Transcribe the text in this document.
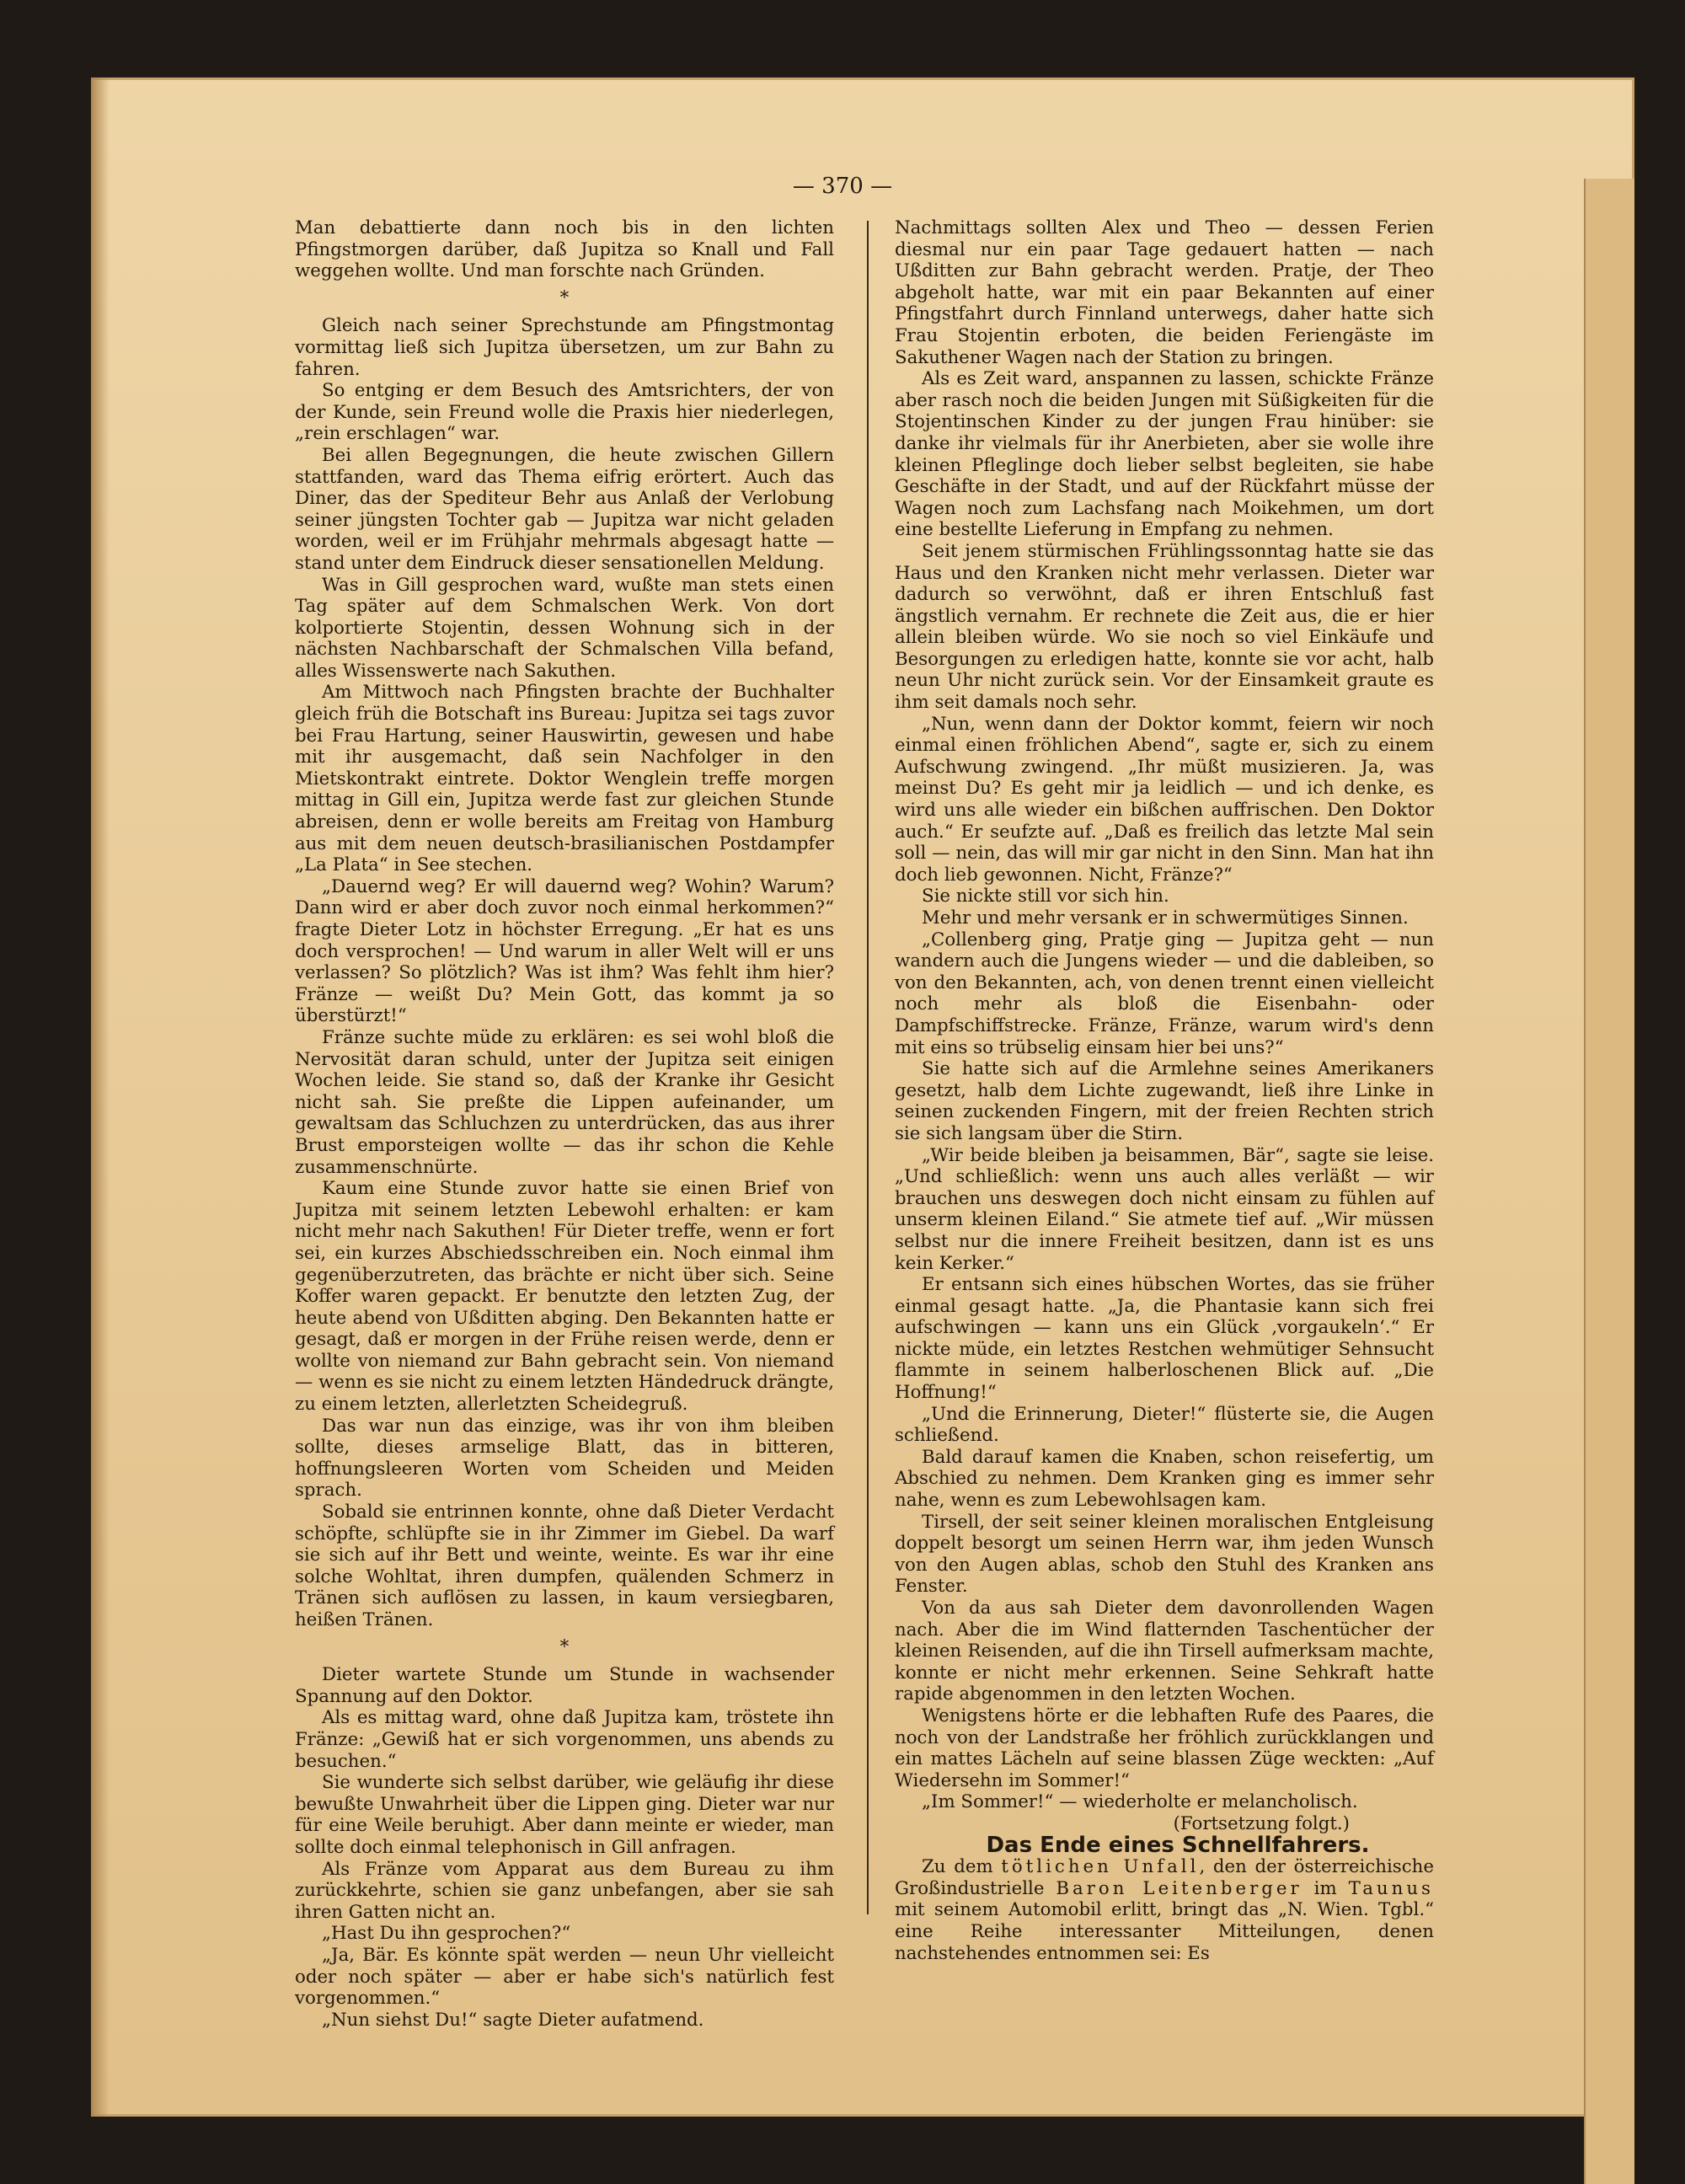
— 370 —

Man debattierte dann noch bis in den lichten Pfingstmorgen darüber, daß Jupitza so Knall und Fall weggehen wollte. Und man forschte nach Gründen.

*

Gleich nach seiner Sprechstunde am Pfingstmontag vormittag ließ sich Jupitza übersetzen, um zur Bahn zu fahren.

So entging er dem Besuch des Amtsrichters, der von der Kunde, sein Freund wolle die Praxis hier niederlegen, „rein erschlagen“ war.

Bei allen Begegnungen, die heute zwischen Gillern stattfanden, ward das Thema eifrig erörtert. Auch das Diner, das der Spediteur Behr aus Anlaß der Verlobung seiner jüngsten Tochter gab — Jupitza war nicht geladen worden, weil er im Frühjahr mehrmals abgesagt hatte — stand unter dem Eindruck dieser sensationellen Meldung.

Was in Gill gesprochen ward, wußte man stets einen Tag später auf dem Schmalschen Werk. Von dort kolportierte Stojentin, dessen Wohnung sich in der nächsten Nachbarschaft der Schmalschen Villa befand, alles Wissenswerte nach Sakuthen.

Am Mittwoch nach Pfingsten brachte der Buchhalter gleich früh die Botschaft ins Bureau: Jupitza sei tags zuvor bei Frau Hartung, seiner Hauswirtin, gewesen und habe mit ihr ausgemacht, daß sein Nachfolger in den Mietskontrakt eintrete. Doktor Wenglein treffe morgen mittag in Gill ein, Jupitza werde fast zur gleichen Stunde abreisen, denn er wolle bereits am Freitag von Hamburg aus mit dem neuen deutsch-brasilianischen Postdampfer „La Plata“ in See stechen.

„Dauernd weg? Er will dauernd weg? Wohin? Warum? Dann wird er aber doch zuvor noch einmal herkommen?“ fragte Dieter Lotz in höchster Erregung. „Er hat es uns doch versprochen! — Und warum in aller Welt will er uns verlassen? So plötzlich? Was ist ihm? Was fehlt ihm hier? Fränze — weißt Du? Mein Gott, das kommt ja so überstürzt!“

Fränze suchte müde zu erklären: es sei wohl bloß die Nervosität daran schuld, unter der Jupitza seit einigen Wochen leide. Sie stand so, daß der Kranke ihr Gesicht nicht sah. Sie preßte die Lippen aufeinander, um gewaltsam das Schluchzen zu unterdrücken, das aus ihrer Brust emporsteigen wollte — das ihr schon die Kehle zusammenschnürte.

Kaum eine Stunde zuvor hatte sie einen Brief von Jupitza mit seinem letzten Lebewohl erhalten: er kam nicht mehr nach Sakuthen! Für Dieter treffe, wenn er fort sei, ein kurzes Abschiedsschreiben ein. Noch einmal ihm gegenüberzutreten, das brächte er nicht über sich. Seine Koffer waren gepackt. Er benutzte den letzten Zug, der heute abend von Ußditten abging. Den Bekannten hatte er gesagt, daß er morgen in der Frühe reisen werde, denn er wollte von niemand zur Bahn gebracht sein. Von niemand — wenn es sie nicht zu einem letzten Händedruck drängte, zu einem letzten, allerletzten Scheidegruß.

Das war nun das einzige, was ihr von ihm bleiben sollte, dieses armselige Blatt, das in bitteren, hoffnungsleeren Worten vom Scheiden und Meiden sprach.

Sobald sie entrinnen konnte, ohne daß Dieter Verdacht schöpfte, schlüpfte sie in ihr Zimmer im Giebel. Da warf sie sich auf ihr Bett und weinte, weinte. Es war ihr eine solche Wohltat, ihren dumpfen, quälenden Schmerz in Tränen sich auflösen zu lassen, in kaum versiegbaren, heißen Tränen.

*

Dieter wartete Stunde um Stunde in wachsender Spannung auf den Doktor.

Als es mittag ward, ohne daß Jupitza kam, tröstete ihn Fränze: „Gewiß hat er sich vorgenommen, uns abends zu besuchen.“

Sie wunderte sich selbst darüber, wie geläufig ihr diese bewußte Unwahrheit über die Lippen ging. Dieter war nur für eine Weile beruhigt. Aber dann meinte er wieder, man sollte doch einmal telephonisch in Gill anfragen.

Als Fränze vom Apparat aus dem Bureau zu ihm zurückkehrte, schien sie ganz unbefangen, aber sie sah ihren Gatten nicht an.

„Hast Du ihn gesprochen?“

„Ja, Bär. Es könnte spät werden — neun Uhr vielleicht oder noch später — aber er habe sich's natürlich fest vorgenommen.“

„Nun siehst Du!“ sagte Dieter aufatmend.

Nachmittags sollten Alex und Theo — dessen Ferien diesmal nur ein paar Tage gedauert hatten — nach Ußditten zur Bahn gebracht werden. Pratje, der Theo abgeholt hatte, war mit ein paar Bekannten auf einer Pfingstfahrt durch Finnland unterwegs, daher hatte sich Frau Stojentin erboten, die beiden Feriengäste im Sakuthener Wagen nach der Station zu bringen.

Als es Zeit ward, anspannen zu lassen, schickte Fränze aber rasch noch die beiden Jungen mit Süßigkeiten für die Stojentinschen Kinder zu der jungen Frau hinüber: sie danke ihr vielmals für ihr Anerbieten, aber sie wolle ihre kleinen Pfleglinge doch lieber selbst begleiten, sie habe Geschäfte in der Stadt, und auf der Rückfahrt müsse der Wagen noch zum Lachsfang nach Moikehmen, um dort eine bestellte Lieferung in Empfang zu nehmen.

Seit jenem stürmischen Frühlingssonntag hatte sie das Haus und den Kranken nicht mehr verlassen. Dieter war dadurch so verwöhnt, daß er ihren Entschluß fast ängstlich vernahm. Er rechnete die Zeit aus, die er hier allein bleiben würde. Wo sie noch so viel Einkäufe und Besorgungen zu erledigen hatte, konnte sie vor acht, halb neun Uhr nicht zurück sein. Vor der Einsamkeit graute es ihm seit damals noch sehr.

„Nun, wenn dann der Doktor kommt, feiern wir noch einmal einen fröhlichen Abend“, sagte er, sich zu einem Aufschwung zwingend. „Ihr müßt musizieren. Ja, was meinst Du? Es geht mir ja leidlich — und ich denke, es wird uns alle wieder ein bißchen auffrischen. Den Doktor auch.“ Er seufzte auf. „Daß es freilich das letzte Mal sein soll — nein, das will mir gar nicht in den Sinn. Man hat ihn doch lieb gewonnen. Nicht, Fränze?“

Sie nickte still vor sich hin.

Mehr und mehr versank er in schwermütiges Sinnen.

„Collenberg ging, Pratje ging — Jupitza geht — nun wandern auch die Jungens wieder — und die dableiben, so von den Bekannten, ach, von denen trennt einen vielleicht noch mehr als bloß die Eisenbahn- oder Dampfschiffstrecke. Fränze, Fränze, warum wird's denn mit eins so trübselig einsam hier bei uns?“

Sie hatte sich auf die Armlehne seines Amerikaners gesetzt, halb dem Lichte zugewandt, ließ ihre Linke in seinen zuckenden Fingern, mit der freien Rechten strich sie sich langsam über die Stirn.

„Wir beide bleiben ja beisammen, Bär“, sagte sie leise. „Und schließlich: wenn uns auch alles verläßt — wir brauchen uns deswegen doch nicht einsam zu fühlen auf unserm kleinen Eiland.“ Sie atmete tief auf. „Wir müssen selbst nur die innere Freiheit besitzen, dann ist es uns kein Kerker.“

Er entsann sich eines hübschen Wortes, das sie früher einmal gesagt hatte. „Ja, die Phantasie kann sich frei aufschwingen — kann uns ein Glück ‚vorgaukeln‘.“ Er nickte müde, ein letztes Restchen wehmütiger Sehnsucht flammte in seinem halberloschenen Blick auf. „Die Hoffnung!“

„Und die Erinnerung, Dieter!“ flüsterte sie, die Augen schließend.

Bald darauf kamen die Knaben, schon reisefertig, um Abschied zu nehmen. Dem Kranken ging es immer sehr nahe, wenn es zum Lebewohlsagen kam.

Tirsell, der seit seiner kleinen moralischen Entgleisung doppelt besorgt um seinen Herrn war, ihm jeden Wunsch von den Augen ablas, schob den Stuhl des Kranken ans Fenster.

Von da aus sah Dieter dem davonrollenden Wagen nach. Aber die im Wind flatternden Taschentücher der kleinen Reisenden, auf die ihn Tirsell aufmerksam machte, konnte er nicht mehr erkennen. Seine Sehkraft hatte rapide abgenommen in den letzten Wochen.

Wenigstens hörte er die lebhaften Rufe des Paares, die noch von der Landstraße her fröhlich zurückklangen und ein mattes Lächeln auf seine blassen Züge weckten: „Auf Wiedersehn im Sommer!“

„Im Sommer!“ — wiederholte er melancholisch.

(Fortsetzung folgt.)

Das Ende eines Schnellfahrers.

Zu dem tötlichen Unfall, den der österreichische Großindustrielle Baron Leitenberger im Taunus mit seinem Automobil erlitt, bringt das „N. Wien. Tgbl.“ eine Reihe interessanter Mitteilungen, denen nachstehendes entnommen sei: Es
